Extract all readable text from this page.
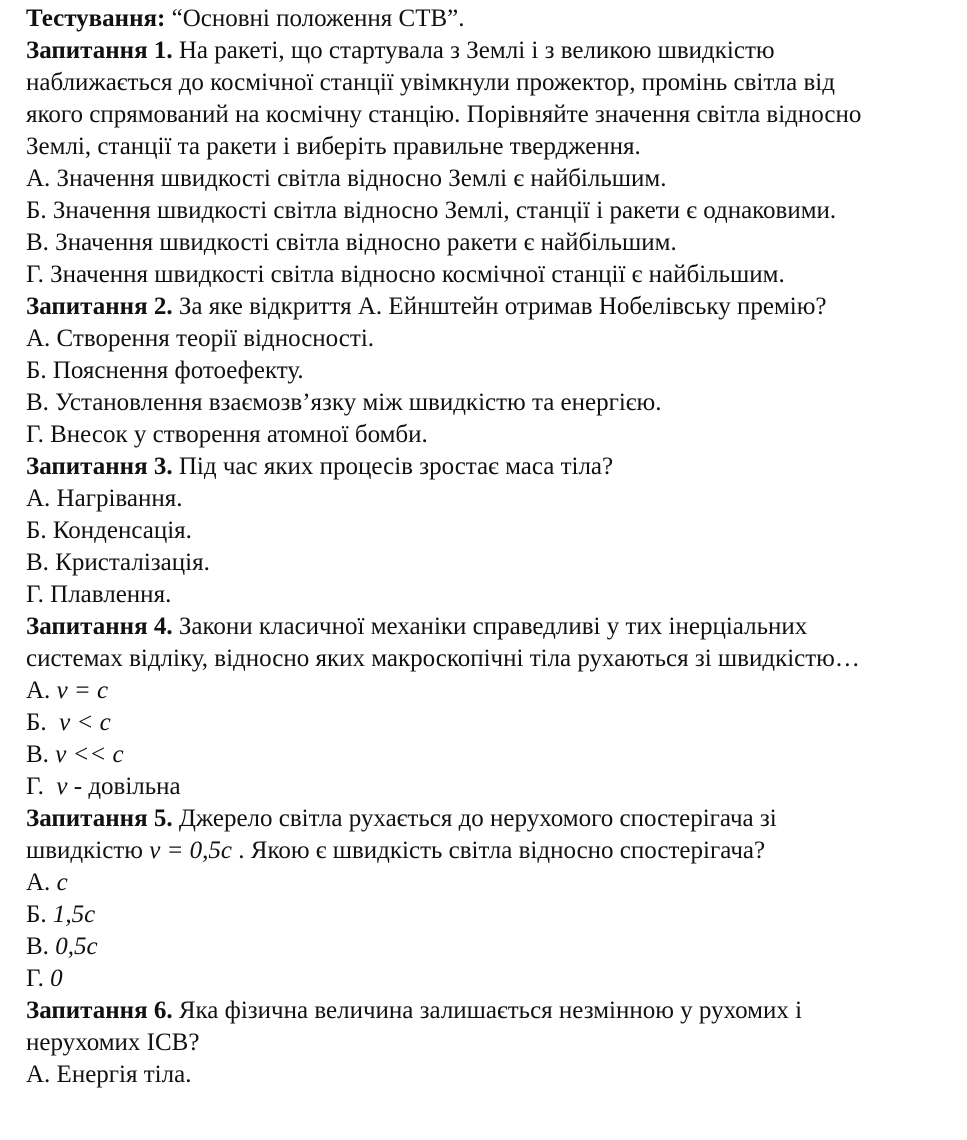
Тестування: “Основні положення СТВ”.
Запитання 1. На ракеті, що стартувала з Землі і з великою швидкістю
наближається до космічної станції увімкнули прожектор, промінь світла від
якого спрямований на космічну станцію. Порівняйте значення світла відносно
Землі, станції та ракети і виберіть правильне твердження.
А. Значення швидкості світла відносно Землі є найбільшим.
Б. Значення швидкості світла відносно Землі, станції і ракети є однаковими.
В. Значення швидкості світла відносно ракети є найбільшим.
Г. Значення швидкості світла відносно космічної станції є найбільшим.
Запитання 2. За яке відкриття А. Ейнштейн отримав Нобелівську премію?
А. Створення теорії відносності.
Б. Пояснення фотоефекту.
В. Установлення взаємозв’язку між швидкістю та енергією.
Г. Внесок у створення атомної бомби.
Запитання 3. Під час яких процесів зростає маса тіла?
А. Нагрівання.
Б. Конденсація.
В. Кристалізація.
Г. Плавлення.
Запитання 4. Закони класичної механіки справедливі у тих інерціальних
системах відліку, відносно яких макроскопічні тіла рухаються зі швидкістю…
А. v = c
Б.  v < c
В. v << c
Г.  v - довільна
Запитання 5. Джерело світла рухається до нерухомого спостерігача зі
швидкістю v = 0,5c . Якою є швидкість світла відносно спостерігача?
А. c
Б. 1,5c
В. 0,5c
Г. 0
Запитання 6. Яка фізична величина залишається незмінною у рухомих і
нерухомих ІСВ?
А. Енергія тіла.
